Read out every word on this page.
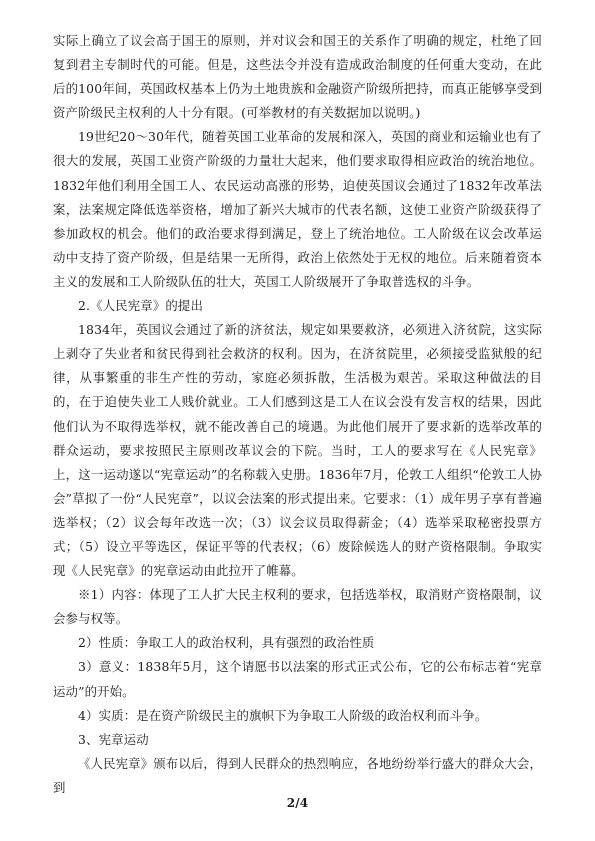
实际上确立了议会高于国王的原则，并对议会和国王的关系作了明确的规定，杜绝了回复到君主专制时代的可能。但是，这些法令并没有造成政治制度的任何重大变动，在此后的100年间，英国政权基本上仍为土地贵族和金融资产阶级所把持，而真正能够享受到资产阶级民主权利的人十分有限。(可举教材的有关数据加以说明。)

19世纪20～30年代，随着英国工业革命的发展和深入，英国的商业和运输业也有了很大的发展，英国工业资产阶级的力量壮大起来，他们要求取得相应政治的统治地位。1832年他们利用全国工人、农民运动高涨的形势，迫使英国议会通过了1832年改革法案，法案规定降低选举资格，增加了新兴大城市的代表名额，这使工业资产阶级获得了参加政权的机会。他们的政治要求得到满足，登上了统治地位。工人阶级在议会改革运动中支持了资产阶级，但是结果一无所得，政治上依然处于无权的地位。后来随着资本主义的发展和工人阶级队伍的壮大，英国工人阶级展开了争取普选权的斗争。

2.《人民宪章》的提出

1834年，英国议会通过了新的济贫法，规定如果要救济，必须进入济贫院，这实际上剥夺了失业者和贫民得到社会救济的权利。因为，在济贫院里，必须接受监狱般的纪律，从事繁重的非生产性的劳动，家庭必须拆散，生活极为艰苦。采取这种做法的目的，在于迫使失业工人贱价就业。工人们感到这是工人在议会没有发言权的结果，因此他们认为不取得选举权，就不能改善自己的境遇。为此他们展开了要求新的选举改革的群众运动，要求按照民主原则改革议会的下院。当时，工人的要求写在《人民宪章》上，这一运动遂以“宪章运动”的名称载入史册。1836年7月，伦敦工人组织“伦敦工人协会”草拟了一份“人民宪章”，以议会法案的形式提出来。它要求：（1）成年男子享有普遍选举权；（2）议会每年改选一次；（3）议会议员取得薪金；（4）选举采取秘密投票方式；（5）设立平等选区，保证平等的代表权；（6）废除候选人的财产资格限制。争取实现《人民宪章》的宪章运动由此拉开了帷幕。

※1）内容：体现了工人扩大民主权利的要求，包括选举权，取消财产资格限制，议会参与权等。

2）性质：争取工人的政治权利，具有强烈的政治性质

3）意义：1838年5月，这个请愿书以法案的形式正式公布，它的公布标志着“宪章运动”的开始。

4）实质：是在资产阶级民主的旗帜下为争取工人阶级的政治权利而斗争。

3、宪章运动

《人民宪章》颁布以后，得到人民群众的热烈响应，各地纷纷举行盛大的群众大会，到

2/4
